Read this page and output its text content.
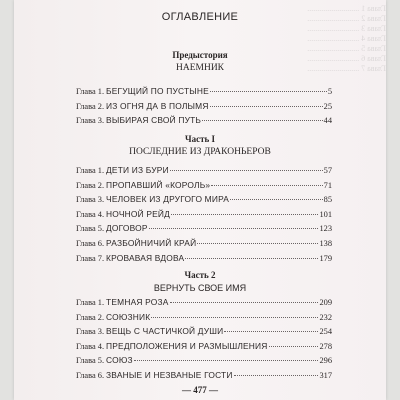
Глава 1 ..........................
Глава 2 ..........................
Глава 3 ..........................
Глава 4 ..........................
Глава 5 ..........................
Глава 6 ..........................
Глава 7 ..........................
ОГЛАВЛЕНИЕ
Предыстория
НАЕМНИК
Глава 1. БЕГУЩИЙ ПО ПУСТЫНЕ	5
Глава 2. ИЗ ОГНЯ ДА В ПОЛЫМЯ	25
Глава 3. ВЫБИРАЯ СВОЙ ПУТЬ	44
Часть I
ПОСЛЕДНИЕ ИЗ ДРАКОНЬЕРОВ
Глава 1. ДЕТИ ИЗ БУРИ	57
Глава 2. ПРОПАВШИЙ «КОРОЛЬ»	71
Глава 3. ЧЕЛОВЕК ИЗ ДРУГОГО МИРА	85
Глава 4. НОЧНОЙ РЕЙД	101
Глава 5. ДОГОВОР	123
Глава 6. РАЗБОЙНИЧИЙ КРАЙ	138
Глава 7. КРОВАВАЯ ВДОВА	179
Часть 2
ВЕРНУТЬ СВОЕ ИМЯ
Глава 1. ТЕМНАЯ РОЗА	209
Глава 2. СОЮЗНИК	232
Глава 3. ВЕЩЬ С ЧАСТИЧКОЙ ДУШИ	254
Глава 4. ПРЕДПОЛОЖЕНИЯ И РАЗМЫШЛЕНИЯ	278
Глава 5. СОЮЗ	296
Глава 6. ЗВАНЫЕ И НЕЗВАНЫЕ ГОСТИ	317
— 477 —
